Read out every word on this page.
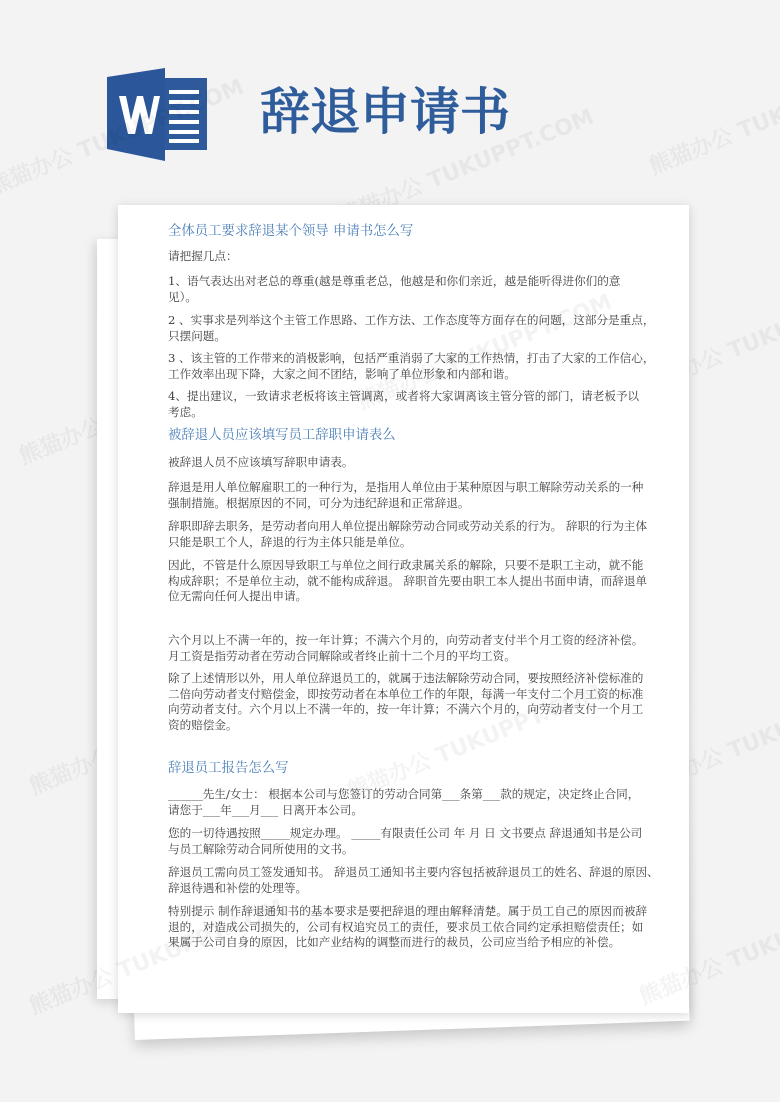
辞退申请书
全体员工要求辞退某个领导 申请书怎么写
请把握几点：
1、语气表达出对老总的尊重(越是尊重老总，他越是和你们亲近，越是能听得进你们的意
见）。
2 、实事求是列举这个主管工作思路、工作方法、工作态度等方面存在的问题，这部分是重点，
只摆问题。
3 、该主管的工作带来的消极影响，包括严重消弱了大家的工作热情，打击了大家的工作信心，
工作效率出现下降，大家之间不团结，影响了单位形象和内部和谐。
4、提出建议，一致请求老板将该主管调离，或者将大家调离该主管分管的部门，请老板予以
考虑。
被辞退人员应该填写员工辞职申请表么
被辞退人员不应该填写辞职申请表。
辞退是用人单位解雇职工的一种行为，是指用人单位由于某种原因与职工解除劳动关系的一种
强制措施。根据原因的不同，可分为违纪辞退和正常辞退。
辞职即辞去职务，是劳动者向用人单位提出解除劳动合同或劳动关系的行为。 辞职的行为主体
只能是职工个人，辞退的行为主体只能是单位。
因此，不管是什么原因导致职工与单位之间行政隶属关系的解除，只要不是职工主动，就不能
构成辞职；不是单位主动，就不能构成辞退。 辞职首先要由职工本人提出书面申请，而辞退单
位无需向任何人提出申请。
六个月以上不满一年的，按一年计算；不满六个月的，向劳动者支付半个月工资的经济补偿。
月工资是指劳动者在劳动合同解除或者终止前十二个月的平均工资。
除了上述情形以外，用人单位辞退员工的，就属于违法解除劳动合同，要按照经济补偿标准的
二倍向劳动者支付赔偿金，即按劳动者在本单位工作的年限，每满一年支付二个月工资的标准
向劳动者支付。六个月以上不满一年的，按一年计算；不满六个月的，向劳动者支付一个月工
资的赔偿金。
辞退员工报告怎么写
______先生/女士： 根据本公司与您签订的劳动合同第___条第___款的规定，决定终止合同，
请您于___年___月___ 日离开本公司。
您的一切待遇按照_____规定办理。 _____有限责任公司 年 月 日 文书要点 辞退通知书是公司
与员工解除劳动合同所使用的文书。
辞退员工需向员工签发通知书。 辞退员工通知书主要内容包括被辞退员工的姓名、辞退的原因、
辞退待遇和补偿的处理等。
特别提示 制作辞退通知书的基本要求是要把辞退的理由解释清楚。属于员工自己的原因而被辞
退的，对造成公司损失的，公司有权追究员工的责任，要求员工依合同约定承担赔偿责任；如
果属于公司自身的原因，比如产业结构的调整而进行的裁员，公司应当给予相应的补偿。
